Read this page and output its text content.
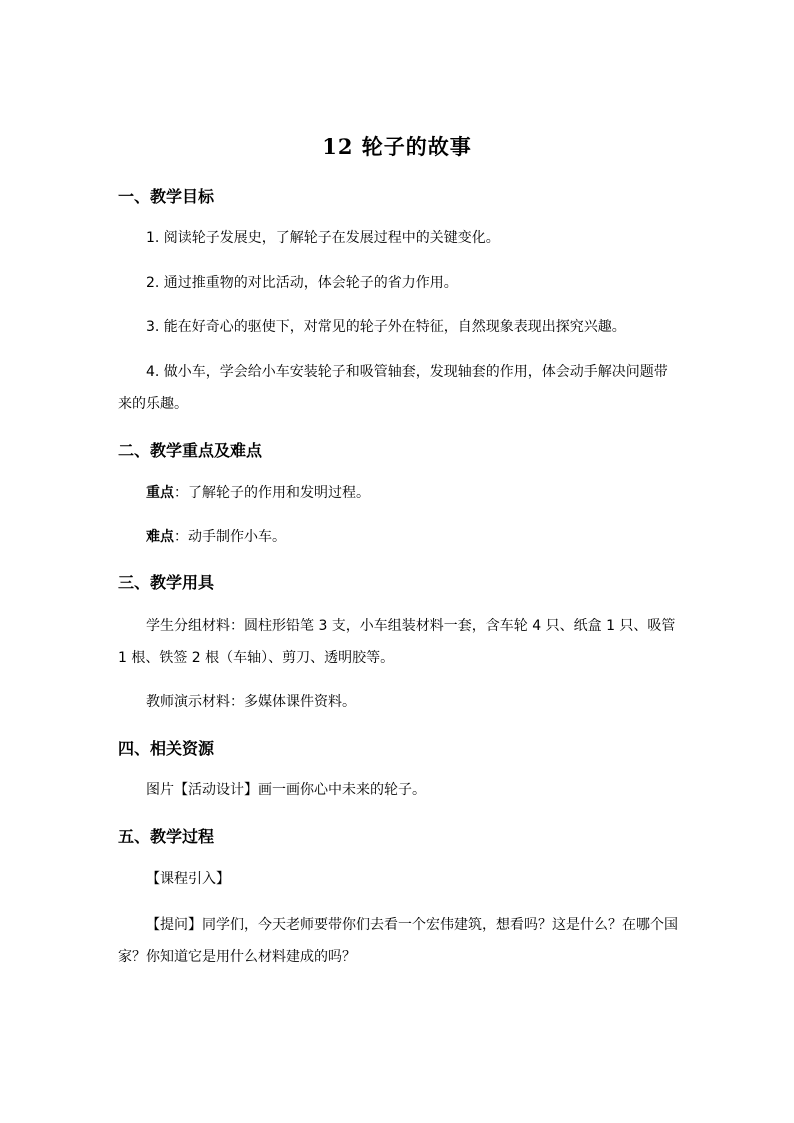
12 轮子的故事
一、教学目标
1. 阅读轮子发展史，了解轮子在发展过程中的关键变化。
2. 通过推重物的对比活动，体会轮子的省力作用。
3. 能在好奇心的驱使下，对常见的轮子外在特征，自然现象表现出探究兴趣。
4. 做小车，学会给小车安装轮子和吸管轴套，发现轴套的作用，体会动手解决问题带来的乐趣。
二、教学重点及难点
重点：了解轮子的作用和发明过程。
难点：动手制作小车。
三、教学用具
学生分组材料：圆柱形铅笔 3 支，小车组装材料一套，含车轮 4 只、纸盒 1 只、吸管 1 根、铁签 2 根（车轴）、剪刀、透明胶等。
教师演示材料：多媒体课件资料。
四、相关资源
图片【活动设计】画一画你心中未来的轮子。
五、教学过程
【课程引入】
【提问】同学们，今天老师要带你们去看一个宏伟建筑，想看吗？这是什么？在哪个国家？你知道它是用什么材料建成的吗？
